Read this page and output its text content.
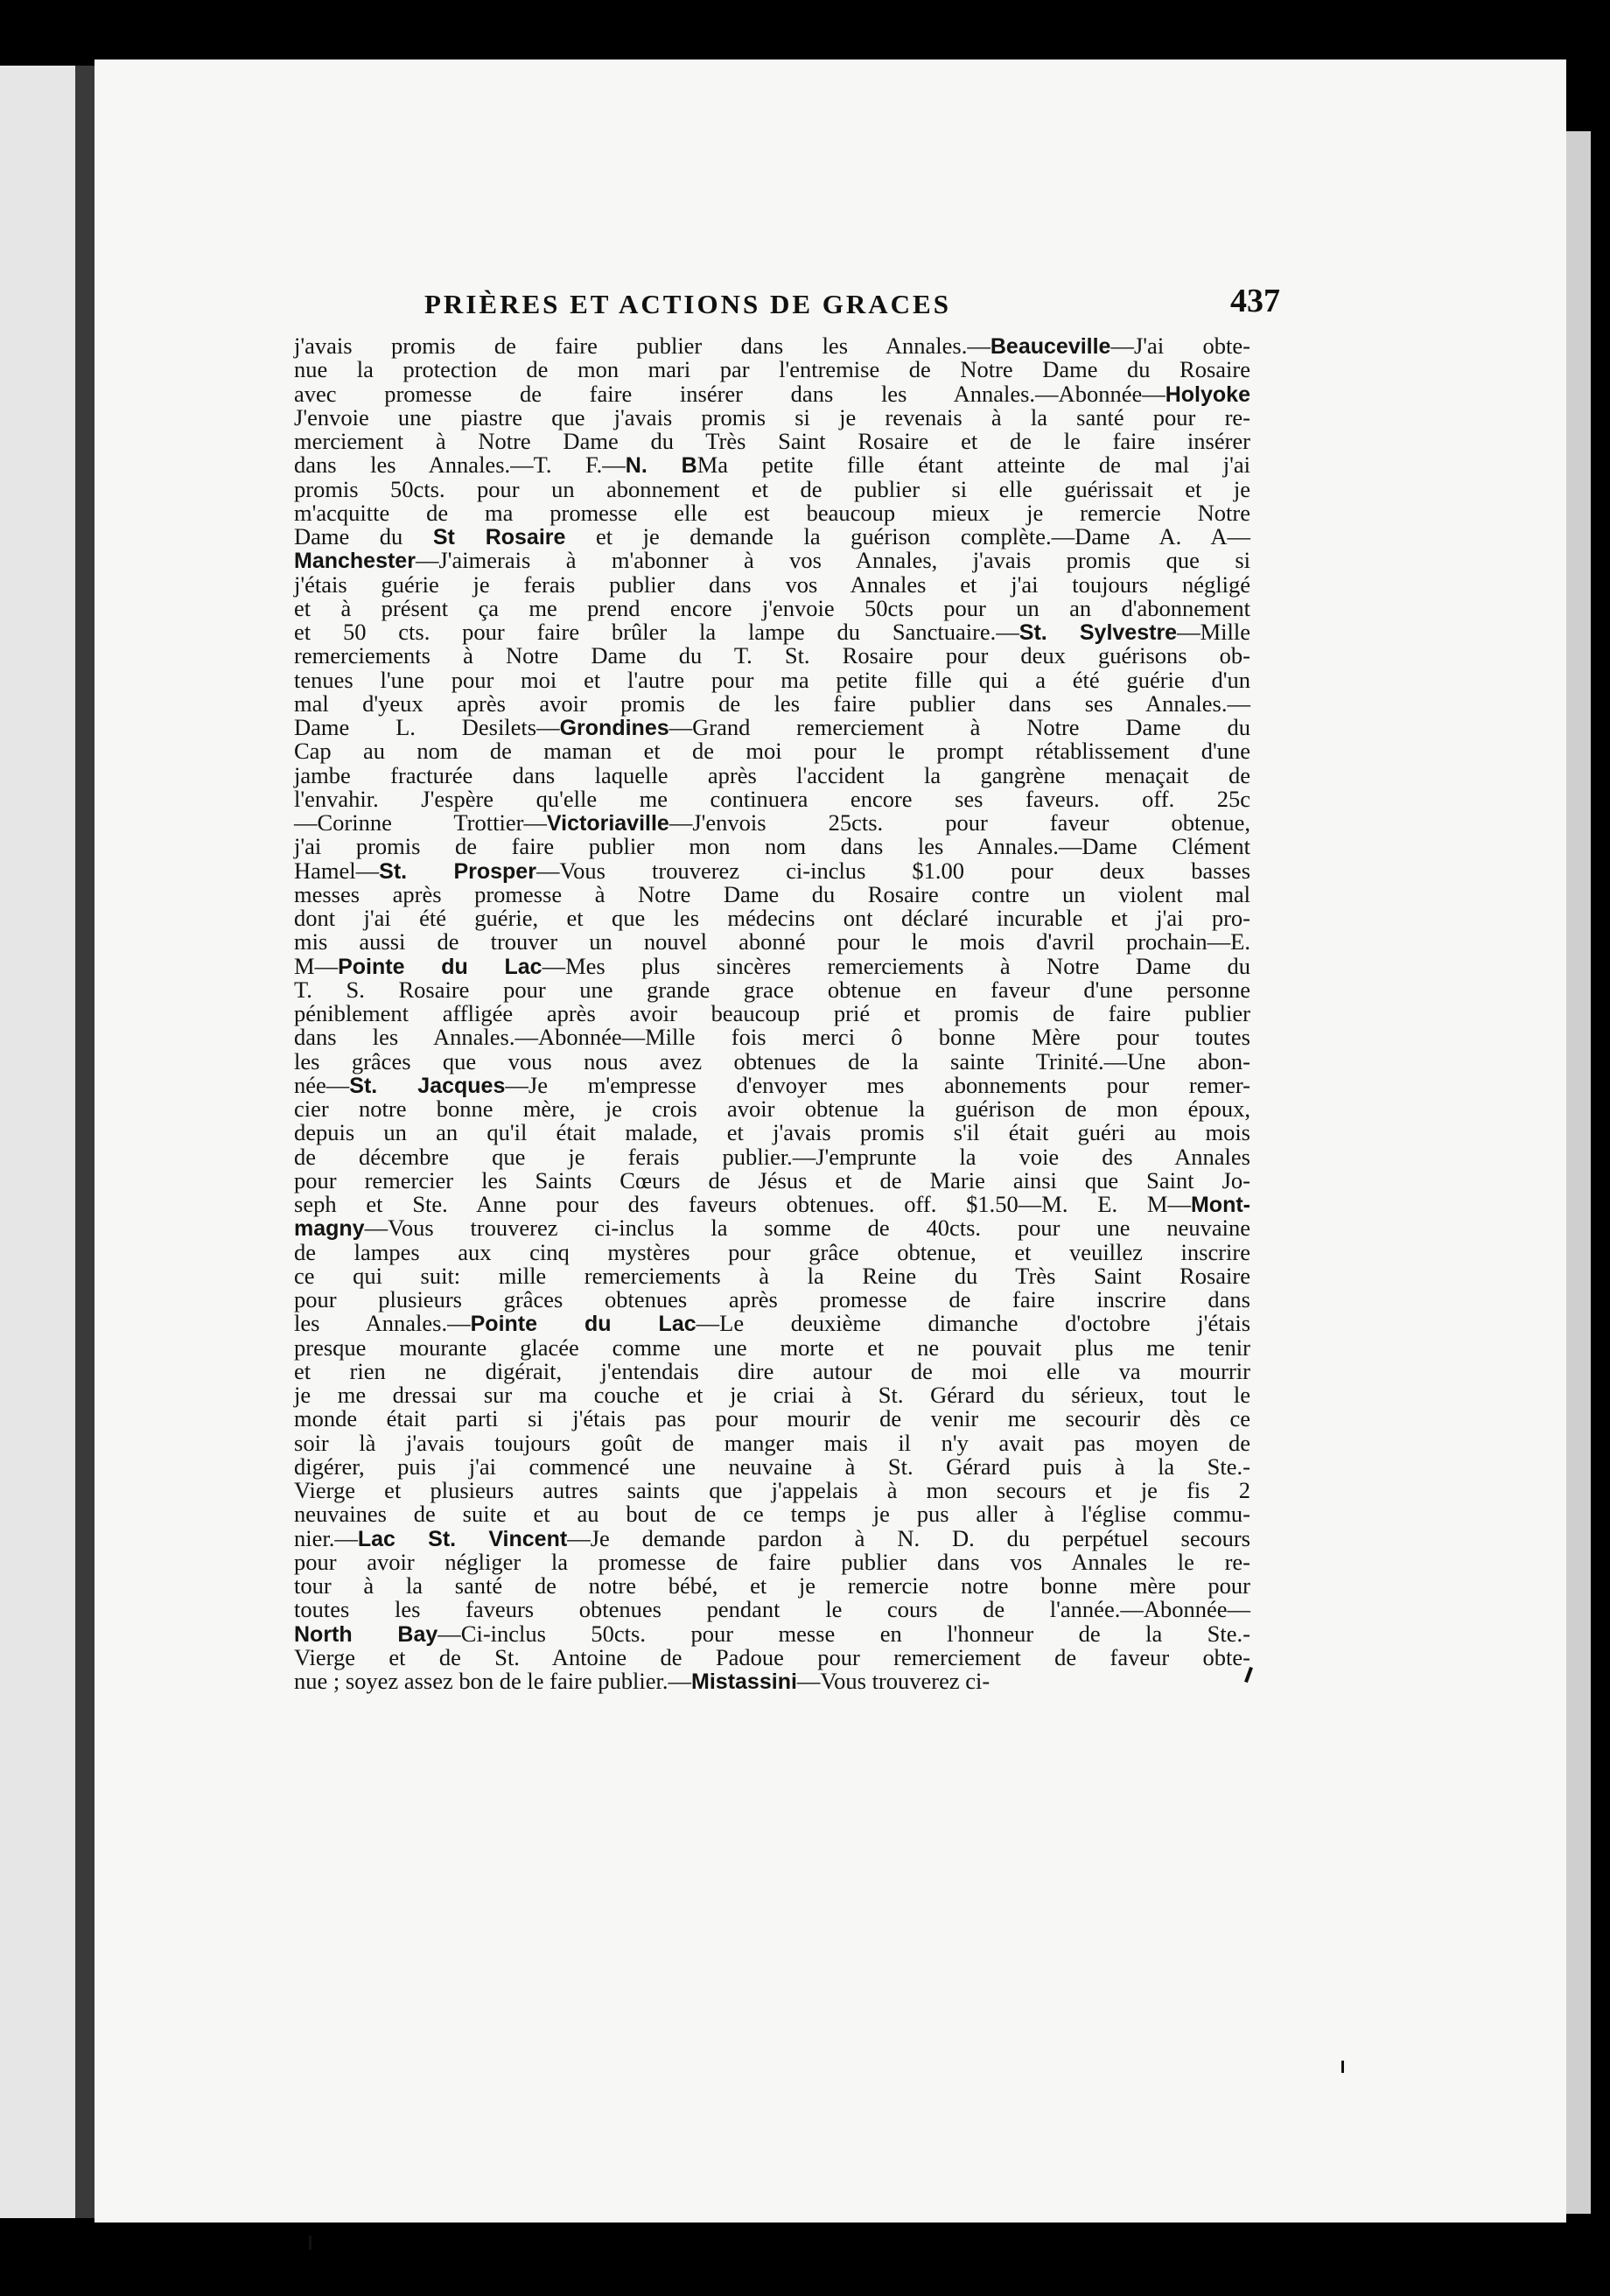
PRIÈRES ET ACTIONS DE GRACES	437
j'avais promis de faire publier dans les Annales.—Beauceville—J'ai obte-
nue la protection de mon mari par l'entremise de Notre Dame du Rosaire
avec promesse de faire insérer dans les Annales.—Abonnée—Holyoke
J'envoie une piastre que j'avais promis si je revenais à la santé pour re-
merciement à Notre Dame du Très Saint Rosaire et de le faire insérer
dans les Annales.—T. F.—N. BMa petite fille étant atteinte de mal j'ai
promis 50cts. pour un abonnement et de publier si elle guérissait et je
m'acquitte de ma promesse elle est beaucoup mieux je remercie Notre
Dame du St Rosaire et je demande la guérison complète.—Dame A. A—
Manchester—J'aimerais à m'abonner à vos Annales, j'avais promis que si
j'étais guérie je ferais publier dans vos Annales et j'ai toujours négligé
et à présent ça me prend encore j'envoie 50cts pour un an d'abonnement
et 50 cts. pour faire brûler la lampe du Sanctuaire.—St. Sylvestre—Mille
remerciements à Notre Dame du T. St. Rosaire pour deux guérisons ob-
tenues l'une pour moi et l'autre pour ma petite fille qui a été guérie d'un
mal d'yeux après avoir promis de les faire publier dans ses Annales.—
Dame L. Desilets—Grondines—Grand remerciement à Notre Dame du
Cap au nom de maman et de moi pour le prompt rétablissement d'une
jambe fracturée dans laquelle après l'accident la gangrène menaçait de
l'envahir. J'espère qu'elle me continuera encore ses faveurs. off. 25c
—Corinne Trottier—Victoriaville—J'envois 25cts. pour faveur obtenue,
j'ai promis de faire publier mon nom dans les Annales.—Dame Clément
Hamel—St. Prosper—Vous trouverez ci-inclus $1.00 pour deux basses
messes après promesse à Notre Dame du Rosaire contre un violent mal
dont j'ai été guérie, et que les médecins ont déclaré incurable et j'ai pro-
mis aussi de trouver un nouvel abonné pour le mois d'avril prochain—E.
M—Pointe du Lac—Mes plus sincères remerciements à Notre Dame du
T. S. Rosaire pour une grande grace obtenue en faveur d'une personne
péniblement affligée après avoir beaucoup prié et promis de faire publier
dans les Annales.—Abonnée—Mille fois merci ô bonne Mère pour toutes
les grâces que vous nous avez obtenues de la sainte Trinité.—Une abon-
née—St. Jacques—Je m'empresse d'envoyer mes abonnements pour remer-
cier notre bonne mère, je crois avoir obtenue la guérison de mon époux,
depuis un an qu'il était malade, et j'avais promis s'il était guéri au mois
de décembre que je ferais publier.—J'emprunte la voie des Annales
pour remercier les Saints Cœurs de Jésus et de Marie ainsi que Saint Jo-
seph et Ste. Anne pour des faveurs obtenues. off. $1.50—M. E. M—Mont-
magny—Vous trouverez ci-inclus la somme de 40cts. pour une neuvaine
de lampes aux cinq mystères pour grâce obtenue, et veuillez inscrire
ce qui suit: mille remerciements à la Reine du Très Saint Rosaire
pour plusieurs grâces obtenues après promesse de faire inscrire dans
les Annales.—Pointe du Lac—Le deuxième dimanche d'octobre j'étais
presque mourante glacée comme une morte et ne pouvait plus me tenir
et rien ne digérait, j'entendais dire autour de moi elle va mourrir
je me dressai sur ma couche et je criai à St. Gérard du sérieux, tout le
monde était parti si j'étais pas pour mourir de venir me secourir dès ce
soir là j'avais toujours goût de manger mais il n'y avait pas moyen de
digérer, puis j'ai commencé une neuvaine à St. Gérard puis à la Ste.-
Vierge et plusieurs autres saints que j'appelais à mon secours et je fis 2
neuvaines de suite et au bout de ce temps je pus aller à l'église commu-
nier.—Lac St. Vincent—Je demande pardon à N. D. du perpétuel secours
pour avoir négliger la promesse de faire publier dans vos Annales le re-
tour à la santé de notre bébé, et je remercie notre bonne mère pour
toutes les faveurs obtenues pendant le cours de l'année.—Abonnée—
North Bay—Ci-inclus 50cts. pour messe en l'honneur de la Ste.-
Vierge et de St. Antoine de Padoue pour remerciement de faveur obte-
nue ; soyez assez bon de le faire publier.—Mistassini—Vous trouverez ci-
